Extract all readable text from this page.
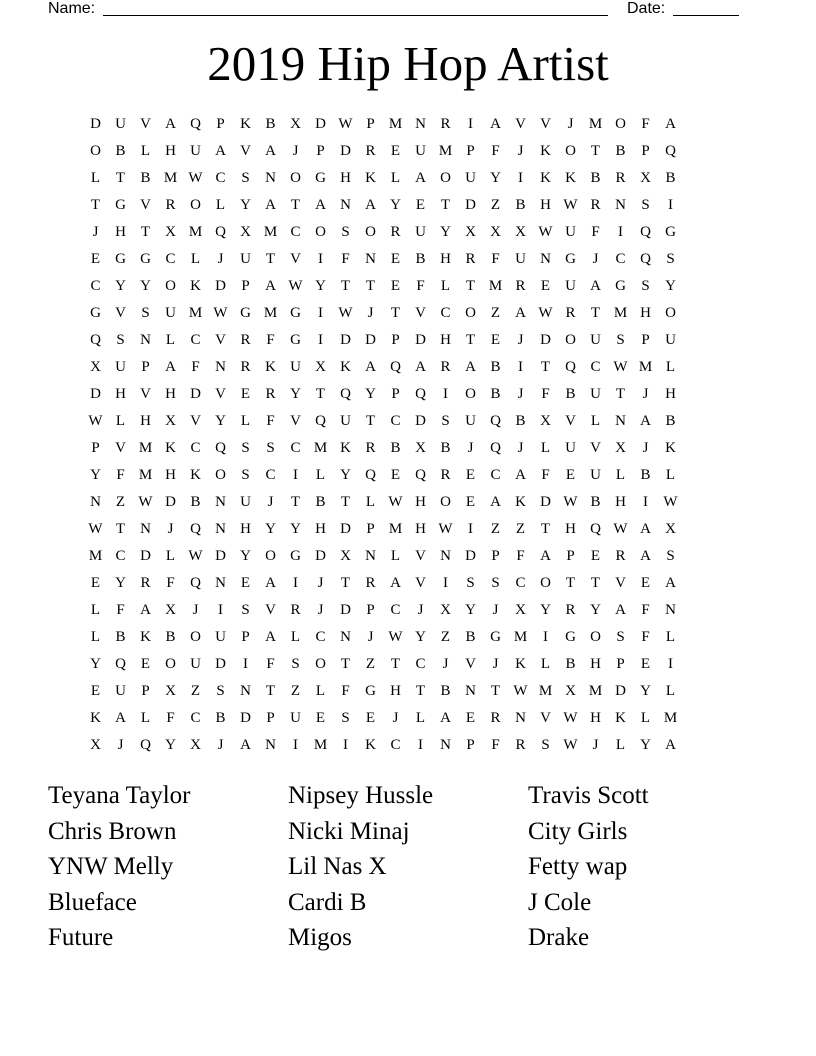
Name:	Date:
2019 Hip Hop Artist
D U V A Q	P	K B X D W P M N R	I	A V V	J	M O	F	A
O B	L	H U A V A	J	P	D R	E	U M P	F	J	K O T	B	P	Q
L	T	B M W C	S	N O G H K L	A O U Y	I	K K B R X B
T	G V R O L	Y A T	A N A Y E	T	D Z	B H W R N	S	I
J	H T	X M Q X M C O	S	O R U Y X X X W U	F	I	Q G
E	G G C	L	J	U T	V	I	F	N E	B H R	F	U N G	J	C Q	S
C Y Y O K D	P	A W Y T	T	E	F	L	T M R	E	U A G	S	Y
G V	S	U M W G M G	I	W	J	T	V C O Z	A W R	T M H O
Q	S	N L	C V R	F	G	I	D D	P	D H T	E	J	D O U	S	P	U
X U	P	A	F	N R K U X K A Q A R A B	I	T	Q C W M L
D H V H D V E	R Y T	Q Y	P	Q	I	O B	J	F	B U T	J	H
W L	H X V Y L	F	V Q U T	C D	S	U Q B X V L	N A B
P	V M K C Q	S	S	C M K R B X B	J	Q	J	L	U V X	J	K
Y	F M H K O	S	C	I	L	Y Q E	Q R	E	C A	F	E	U L	B	L
N Z W D B N U	J	T	B	T	L W H O E	A K D W B H	I	W
W T	N	J	Q N H Y Y H D	P M H W	I	Z	Z	T	H Q W A X
M C D L W D Y O G D X N L	V N D	P	F	A	P	E	R A	S
E	Y R	F	Q N E	A	I	J	T	R A V	I	S	S	C O T	T	V E	A
L	F	A X	J	I	S	V R	J	D	P	C	J	X Y	J	X Y R Y A	F	N
L	B K B O U	P	A L	C N	J W Y Z	B G M	I	G O	S	F	L
Y Q E	O U D	I	F	S	O T	Z	T	C	J	V	J	K L	B H	P	E	I
E	U	P	X Z	S	N T	Z	L	F	G H T	B N T W M X M D Y L
K A L	F	C B D	P	U E	S	E	J	L	A E	R N V W H K L M
X	J	Q Y X	J	A N	I	M	I	K C	I	N	P	F	R	S W	J	L	Y A
Teyana Taylor	Nipsey Hussle	Travis Scott
Chris Brown	Nicki Minaj	City Girls
YNW Melly	Lil Nas X	Fetty wap
Blueface	Cardi B	J Cole
Future	Migos	Drake
